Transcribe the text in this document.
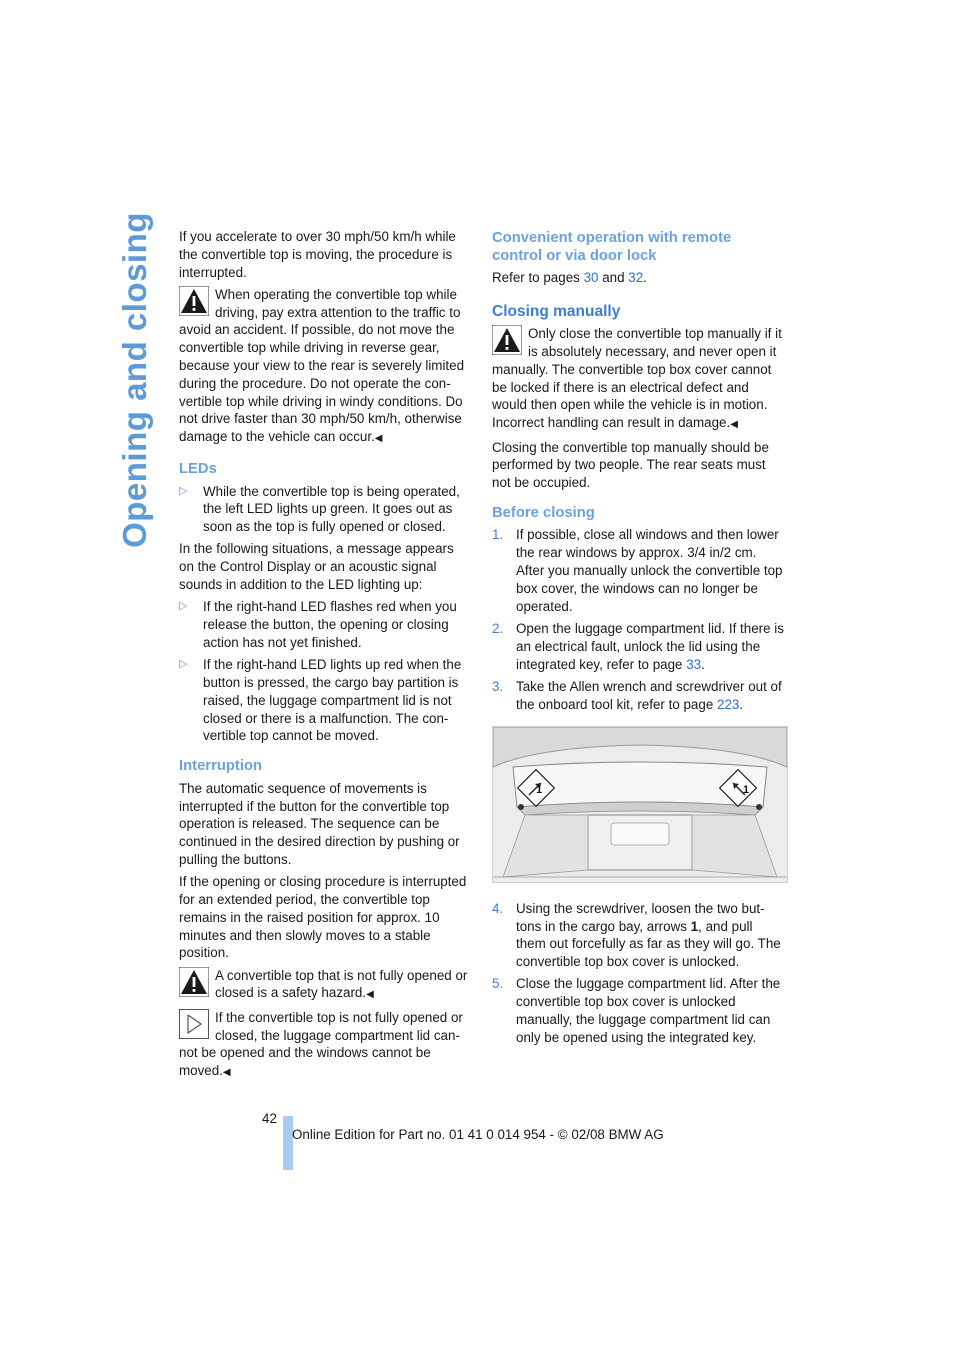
Opening and closing If you accelerate to over 30 mph/50 km/h while the convertible top is moving, the procedure is interrupted.

When operating the convertible top while driving, pay extra attention to the traffic to avoid an accident. If possible, do not move the convertible top while driving in reverse gear, because your view to the rear is severely limited during the procedure. Do not operate the convertible top while driving in windy conditions. Do not drive faster than 30 mph/50 km/h, otherwise damage to the vehicle can occur.◀
LEDs
▷ While the convertible top is being operated, the left LED lights up green. It goes out as soon as the top is fully opened or closed.

In the following situations, a message appears on the Control Display or an acoustic signal sounds in addition to the LED lighting up:

▷ If the right-hand LED flashes red when you release the button, the opening or closing action has not yet finished.
▷ If the right-hand LED lights up red when the button is pressed, the cargo bay partition is raised, the luggage compartment lid is not closed or there is a malfunction. The convertible top cannot be moved.
Interruption

The automatic sequence of movements is interrupted if the button for the convertible top operation is released. The sequence can be continued in the desired direction by pushing or pulling the buttons.

If the opening or closing procedure is interrupted for an extended period, the convertible top remains in the raised position for approx. 10 minutes and then slowly moves to a stable position.

A convertible top that is not fully opened or closed is a safety hazard.◀
If the convertible top is not fully opened or closed, the luggage compartment lid cannot be opened and the windows cannot be moved.◀
Convenient operation with remote control or via door lock

Refer to pages 30 and 32.

Closing manually
Only close the convertible top manually if it is absolutely necessary, and never open it manually. The convertible top box cover cannot be locked if there is an electrical defect and would then open while the vehicle is in motion. Incorrect handling can result in damage.◀

Closing the convertible top manually should be performed by two people. The rear seats must not be occupied.

Before closing
1. If possible, close all windows and then lower the rear windows by approx. 3/4 in/2 cm. After you manually unlock the convertible top box cover, the windows can no longer be operated.
2. Open the luggage compartment lid. If there is an electrical fault, unlock the lid using the integrated key, refer to page 33.
3. Take the Allen wrench and screwdriver out of the onboard tool kit, refer to page 223.
1	1
4. Using the screwdriver, loosen the two buttons in the cargo bay, arrows 1, and pull them out forcefully as far as they will go. The convertible top box cover is unlocked.
5. Close the luggage compartment lid. After the convertible top box cover is unlocked manually, the luggage compartment lid can only be opened using the integrated key.
42
Online Edition for Part no. 01 41 0 014 954 - © 02/08 BMW AG
